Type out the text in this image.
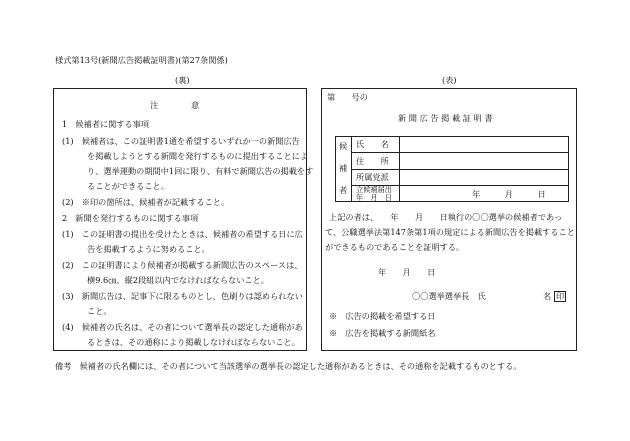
様式第13号(新聞広告掲載証明書)(第27条関係)
(裏)	(表)
注　　　　意
1　候補者に関する事項
(1)　候補者は、この証明書1通を希望するいずれか一の新聞広告
を掲載しようとする新聞を発行するものに提出することによ
り、選挙運動の期間中1回に限り、有料で新聞広告の掲載をす
ることができること。
(2)　※印の箇所は、候補者が記載すること。
2　新聞を発行するものに関する事項
(1)　この証明書の提出を受けたときは、候補者の希望する日に広
告を掲載するように努めること。
(2)　この証明書により候補者が掲載する新聞広告のスペースは、
横9.6㎝、縦2段組以内でなければならないこと。
(3)　新聞広告は、記事下に限るものとし、色刷りは認められない
こと。
(4)　候補者の氏名は、その者について選挙長の認定した通称があ
るときは、その通称により掲載しなければならないこと。
第　　号の
新 聞 広 告 掲 載 証 明 書
候
補
者
氏　　名
住　　所
所属党派
立候補届出
年　月　日	年　　　月　　　日
上記の者は、　　年　　月　　日執行の〇〇選挙の候補者であっ
て、公職選挙法第147条第1項の規定による新聞広告を掲載すること
ができるものであることを証明する。
年　　月　　日
〇〇選挙選挙長　氏　　　　　　　名 印
※　広告の掲載を希望する日
※　広告を掲載する新聞紙名
備考　候補者の氏名欄には、その者について当該選挙の選挙長の認定した通称があるときは、その通称を記載するものとする。
